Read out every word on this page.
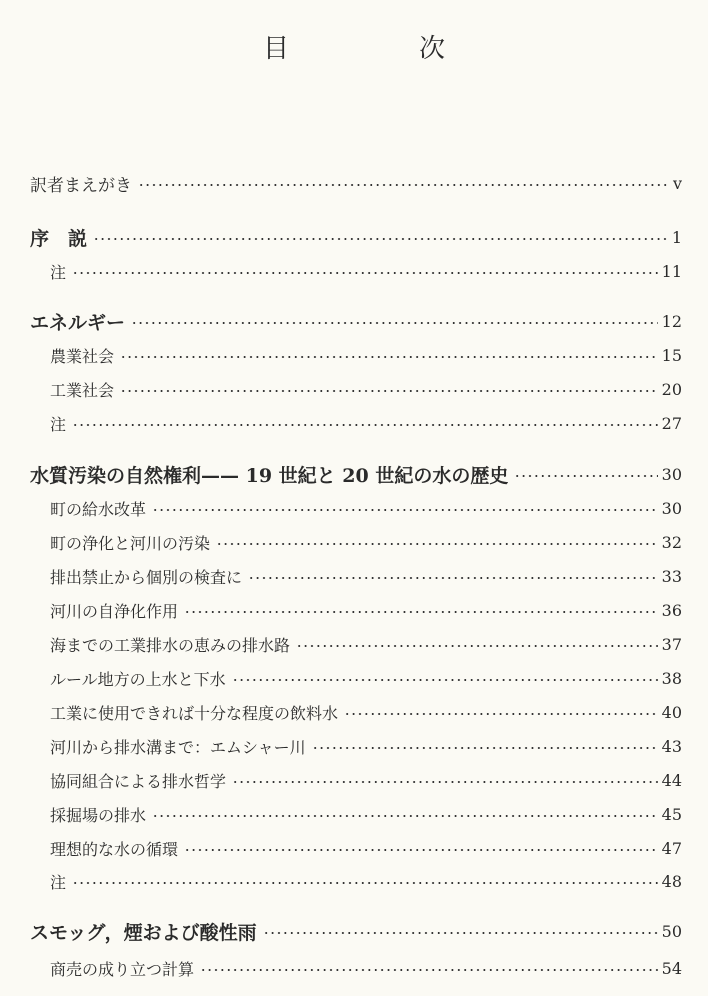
目　次
訳者まえがき	v
序　説	1
注	11
エネルギー	12
農業社会	15
工業社会	20
注	27
水質汚染の自然権利 —— 19 世紀と 20 世紀の水の歴史	30
町の給水改革	30
町の浄化と河川の汚染	32
排出禁止から個別の検査に	33
河川の自浄化作用	36
海までの工業排水の恵みの排水路	37
ルール地方の上水と下水	38
工業に使用できれば十分な程度の飲料水	40
河川から排水溝まで：エムシャー川	43
協同組合による排水哲学	44
採掘場の排水	45
理想的な水の循環	47
注	48
スモッグ，煙および酸性雨	50
商売の成り立つ計算	54
